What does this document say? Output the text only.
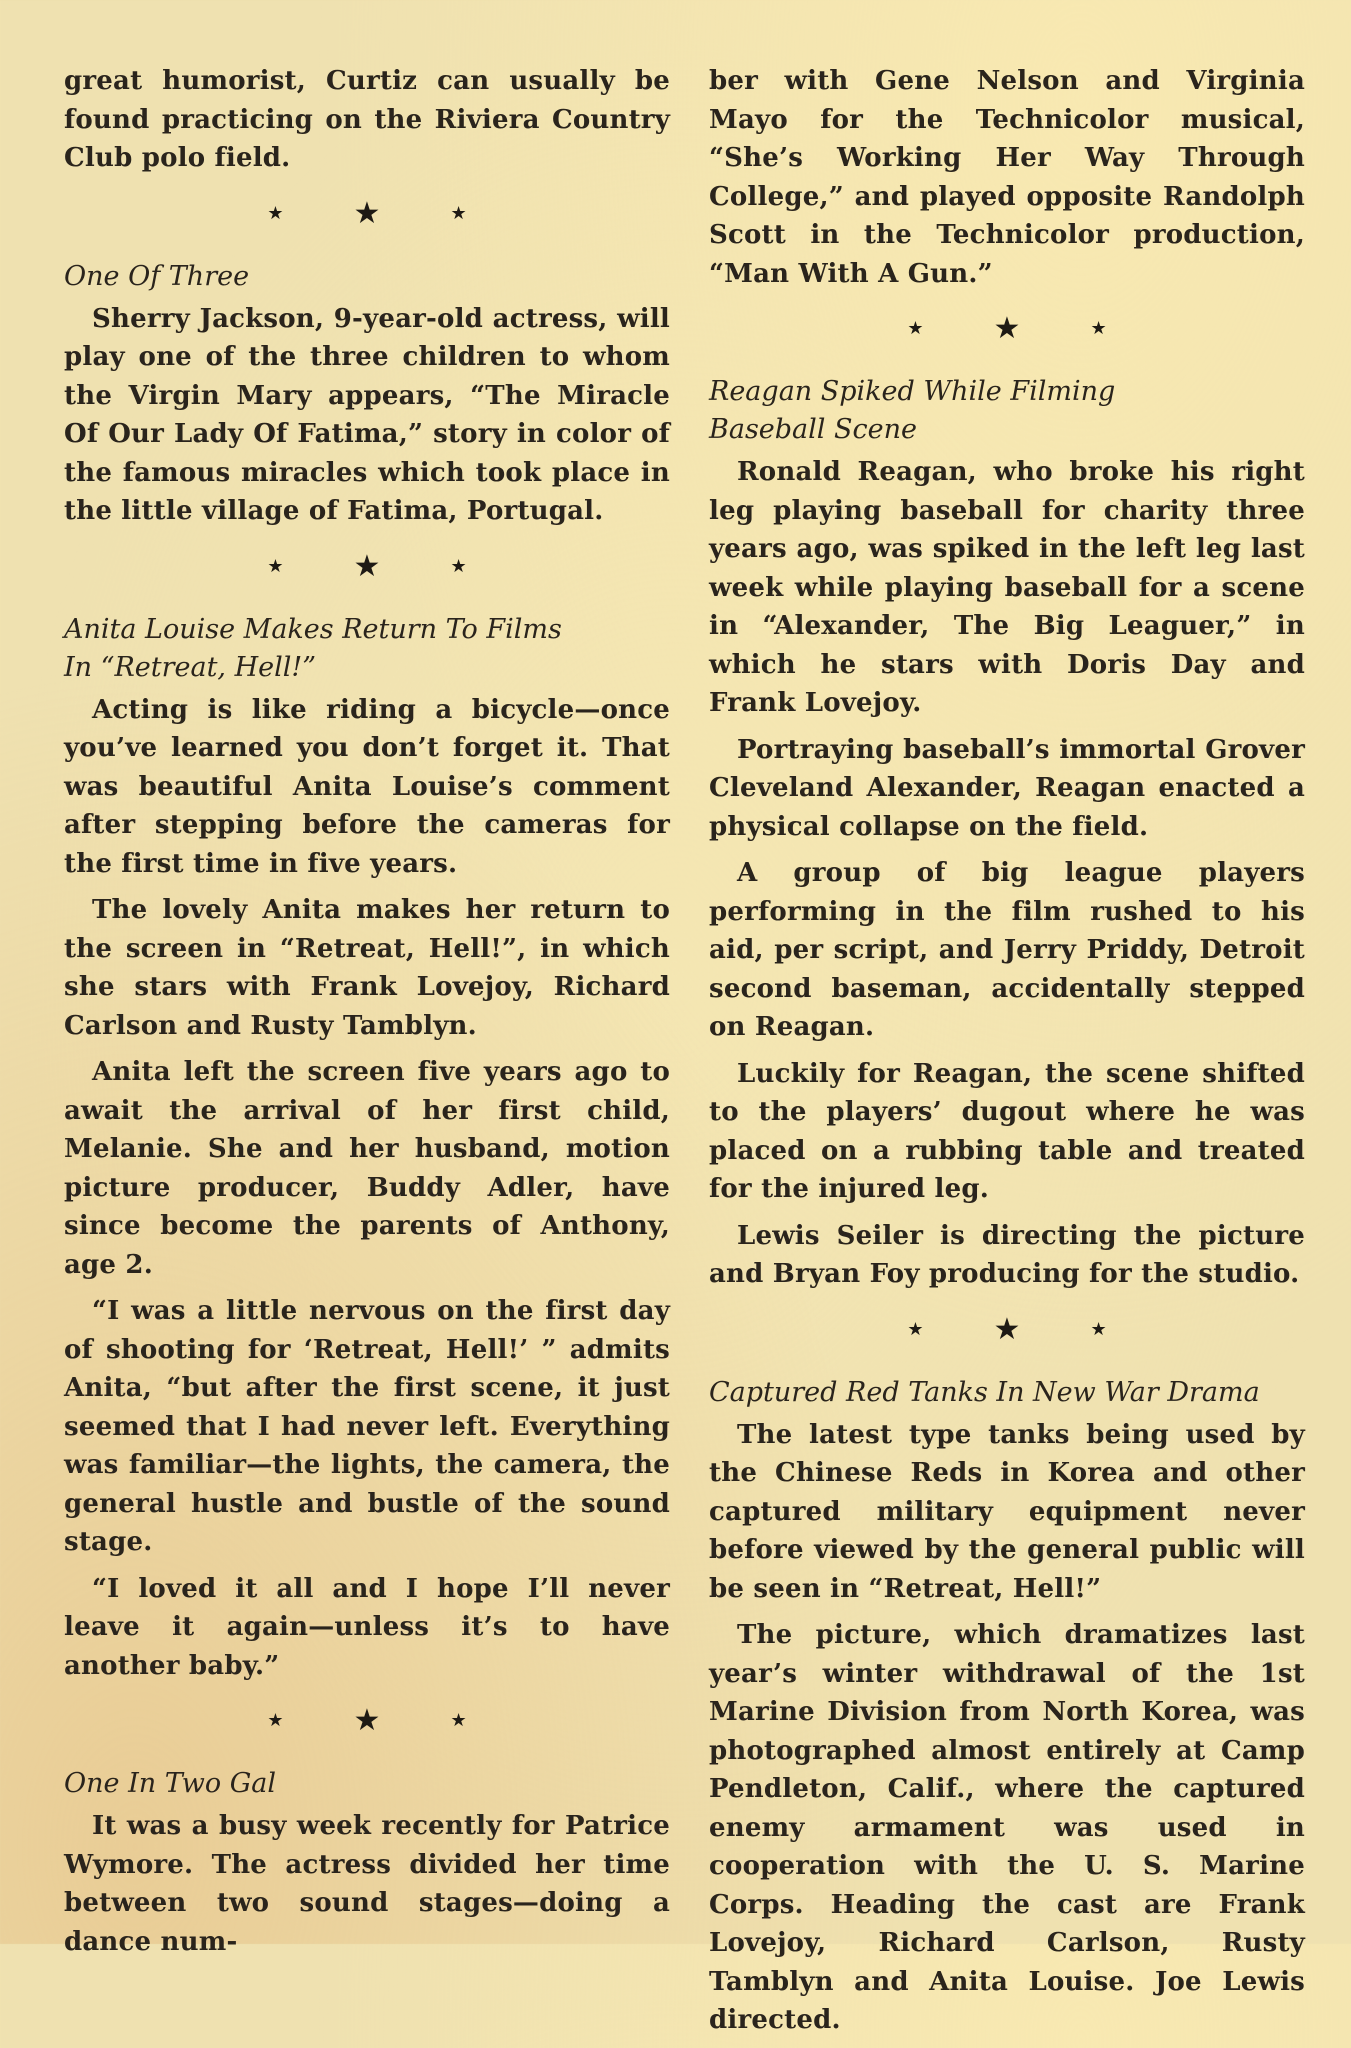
great humorist, Curtiz can usually be found practicing on the Riviera Country Club polo field.

★ ★	★
One Of Three

Sherry Jackson, 9-year-old actress, will play one of the three children to whom the Virgin Mary appears, “The Miracle Of Our Lady Of Fatima,” story in color of the famous miracles which took place in the little village of Fatima, Portugal.

★ ★	★
Anita Louise Makes Return To Films
In “Retreat, Hell!”

Acting is like riding a bicycle—once you’ve learned you don’t forget it. That was beautiful Anita Louise’s comment after stepping before the cameras for the first time in five years.

The lovely Anita makes her return to the screen in “Retreat, Hell!”, in which she stars with Frank Lovejoy, Richard Carlson and Rusty Tamblyn.

Anita left the screen five years ago to await the arrival of her first child, Melanie. She and her husband, motion picture producer, Buddy Adler, have since become the parents of Anthony, age 2.

“I was a little nervous on the first day of shooting for ‘Retreat, Hell!’ ” admits Anita, “but after the first scene, it just seemed that I had never left. Everything was familiar—the lights, the camera, the general hustle and bustle of the sound stage.

“I loved it all and I hope I’ll never leave it again—unless it’s to have another baby.”

★ ★	★
One In Two Gal

It was a busy week recently for Patrice Wymore. The actress divided her time between two sound stages—doing a dance num-

ber with Gene Nelson and Virginia Mayo for the Technicolor musical, “She’s Working Her Way Through College,” and played opposite Randolph Scott in the Technicolor production, “Man With A Gun.”

★ ★	★
Reagan Spiked While Filming
Baseball Scene

Ronald Reagan, who broke his right leg playing baseball for charity three years ago, was spiked in the left leg last week while playing baseball for a scene in “Alexander, The Big Leaguer,” in which he stars with Doris Day and Frank Lovejoy.

Portraying baseball’s immortal Grover Cleveland Alexander, Reagan enacted a physical collapse on the field.

A group of big league players performing in the film rushed to his aid, per script, and Jerry Priddy, Detroit second baseman, accidentally stepped on Reagan.

Luckily for Reagan, the scene shifted to the players’ dugout where he was placed on a rubbing table and treated for the injured leg.

Lewis Seiler is directing the picture and Bryan Foy producing for the studio.

★ ★	★
Captured Red Tanks In New War Drama

The latest type tanks being used by the Chinese Reds in Korea and other captured military equipment never before viewed by the general public will be seen in “Retreat, Hell!”

The picture, which dramatizes last year’s winter withdrawal of the 1st Marine Division from North Korea, was photographed almost entirely at Camp Pendleton, Calif., where the captured enemy armament was used in cooperation with the U. S. Marine Corps. Heading the cast are Frank Lovejoy, Richard Carlson, Rusty Tamblyn and Anita Louise. Joe Lewis directed.
